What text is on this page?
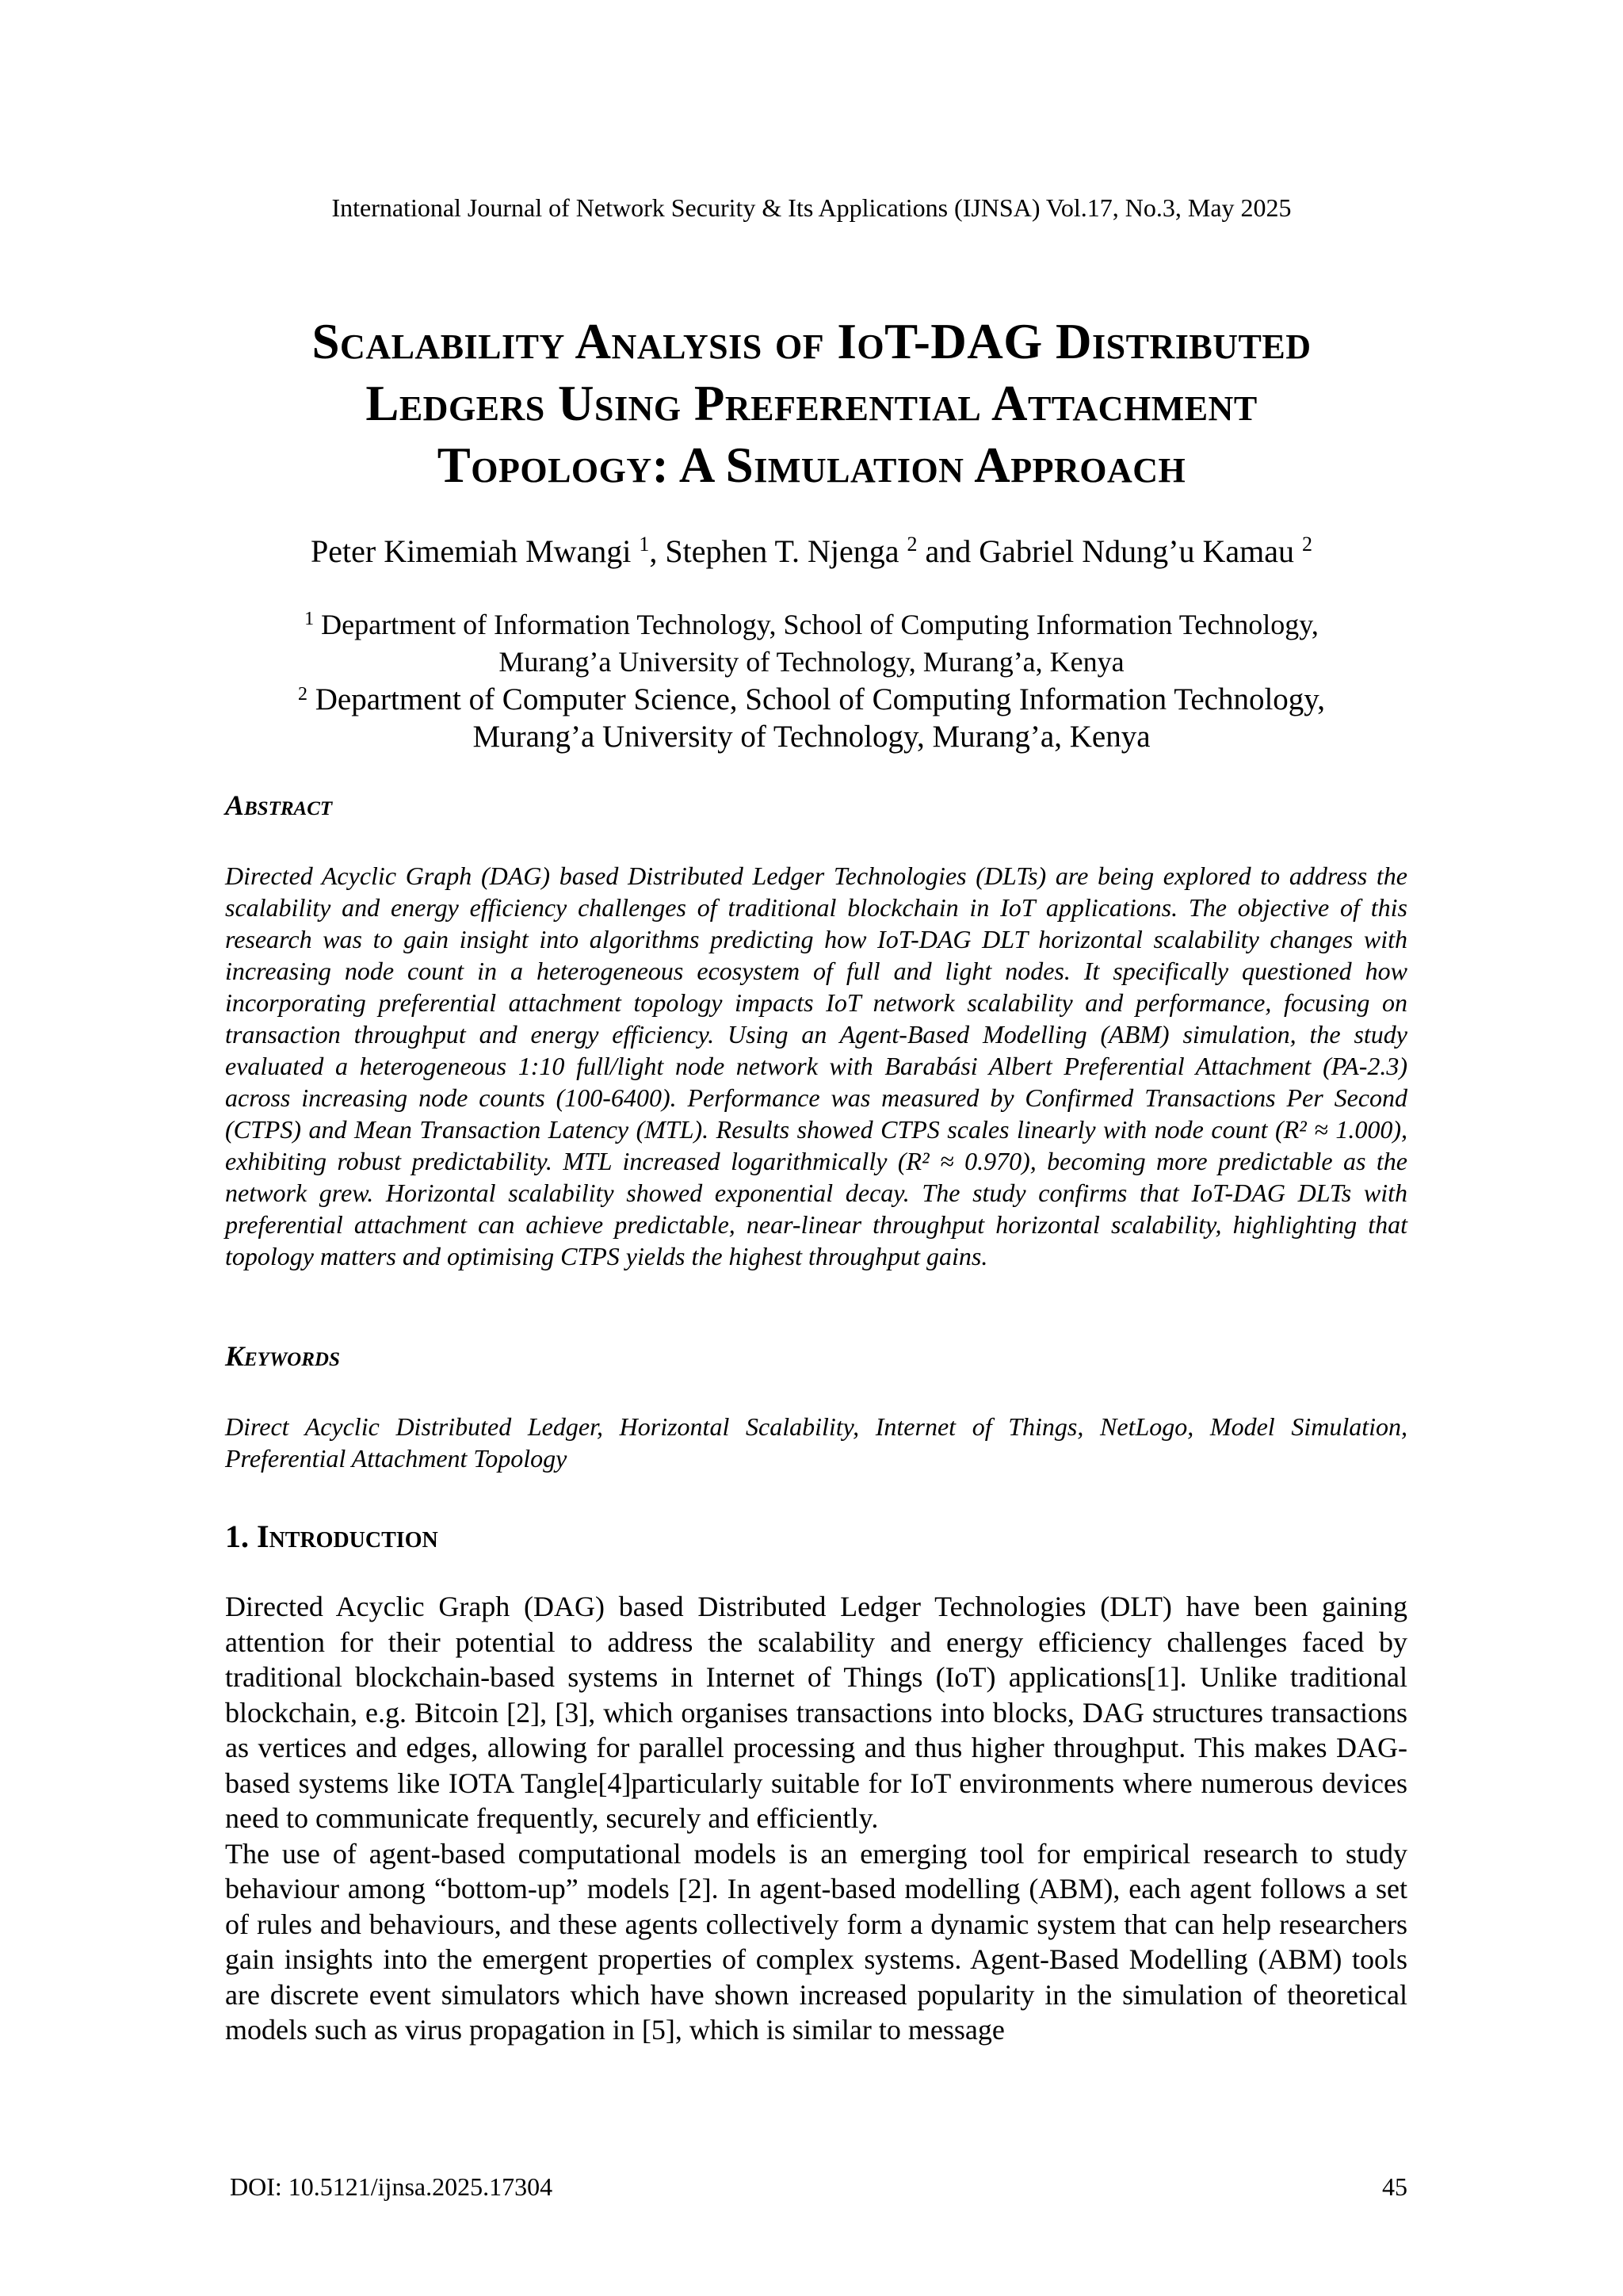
International Journal of Network Security & Its Applications (IJNSA) Vol.17, No.3, May 2025
Scalability Analysis of IoT-DAG Distributed
Ledgers Using Preferential Attachment
Topology: A Simulation Approach
Peter Kimemiah Mwangi $^1$, Stephen T. Njenga $^2$ and Gabriel Ndung’u Kamau $^2$
$^1$ Department of Information Technology, School of Computing Information Technology,
Murang’a University of Technology, Murang’a, Kenya
$^2$ Department of Computer Science, School of Computing Information Technology,
Murang’a University of Technology, Murang’a, Kenya
Abstract

Directed Acyclic Graph (DAG) based Distributed Ledger Technologies (DLTs) are being explored to address the scalability and energy efficiency challenges of traditional blockchain in IoT applications. The objective of this research was to gain insight into algorithms predicting how IoT-DAG DLT horizontal scalability changes with increasing node count in a heterogeneous ecosystem of full and light nodes. It specifically questioned how incorporating preferential attachment topology impacts IoT network scalability and performance, focusing on transaction throughput and energy efficiency. Using an Agent-Based Modelling (ABM) simulation, the study evaluated a heterogeneous 1:10 full/light node network with Barabási Albert Preferential Attachment (PA-2.3) across increasing node counts (100-6400). Performance was measured by Confirmed Transactions Per Second (CTPS) and Mean Transaction Latency (MTL). Results showed CTPS scales linearly with node count (R² ≈ 1.000), exhibiting robust predictability. MTL increased logarithmically (R² ≈ 0.970), becoming more predictable as the network grew. Horizontal scalability showed exponential decay. The study confirms that IoT-DAG DLTs with preferential attachment can achieve predictable, near-linear throughput horizontal scalability, highlighting that topology matters and optimising CTPS yields the highest throughput gains.

Keywords

Direct Acyclic Distributed Ledger, Horizontal Scalability, Internet of Things, NetLogo, Model Simulation, Preferential Attachment Topology

1. Introduction
Directed Acyclic Graph (DAG) based Distributed Ledger Technologies (DLT) have been gaining attention for their potential to address the scalability and energy efficiency challenges faced by traditional blockchain-based systems in Internet of Things (IoT) applications[1]. Unlike traditional blockchain, e.g. Bitcoin [2], [3], which organises transactions into blocks, DAG structures transactions as vertices and edges, allowing for parallel processing and thus higher throughput. This makes DAG-based systems like IOTA Tangle[4]particularly suitable for IoT environments where numerous devices need to communicate frequently, securely and efficiently.
The use of agent-based computational models is an emerging tool for empirical research to study behaviour among “bottom-up” models [2]. In agent-based modelling (ABM), each agent follows a set of rules and behaviours, and these agents collectively form a dynamic system that can help researchers gain insights into the emergent properties of complex systems. Agent-Based Modelling (ABM) tools are discrete event simulators which have shown increased popularity in the simulation of theoretical models such as virus propagation in [5], which is similar to message
DOI: 10.5121/ijnsa.2025.17304	45
